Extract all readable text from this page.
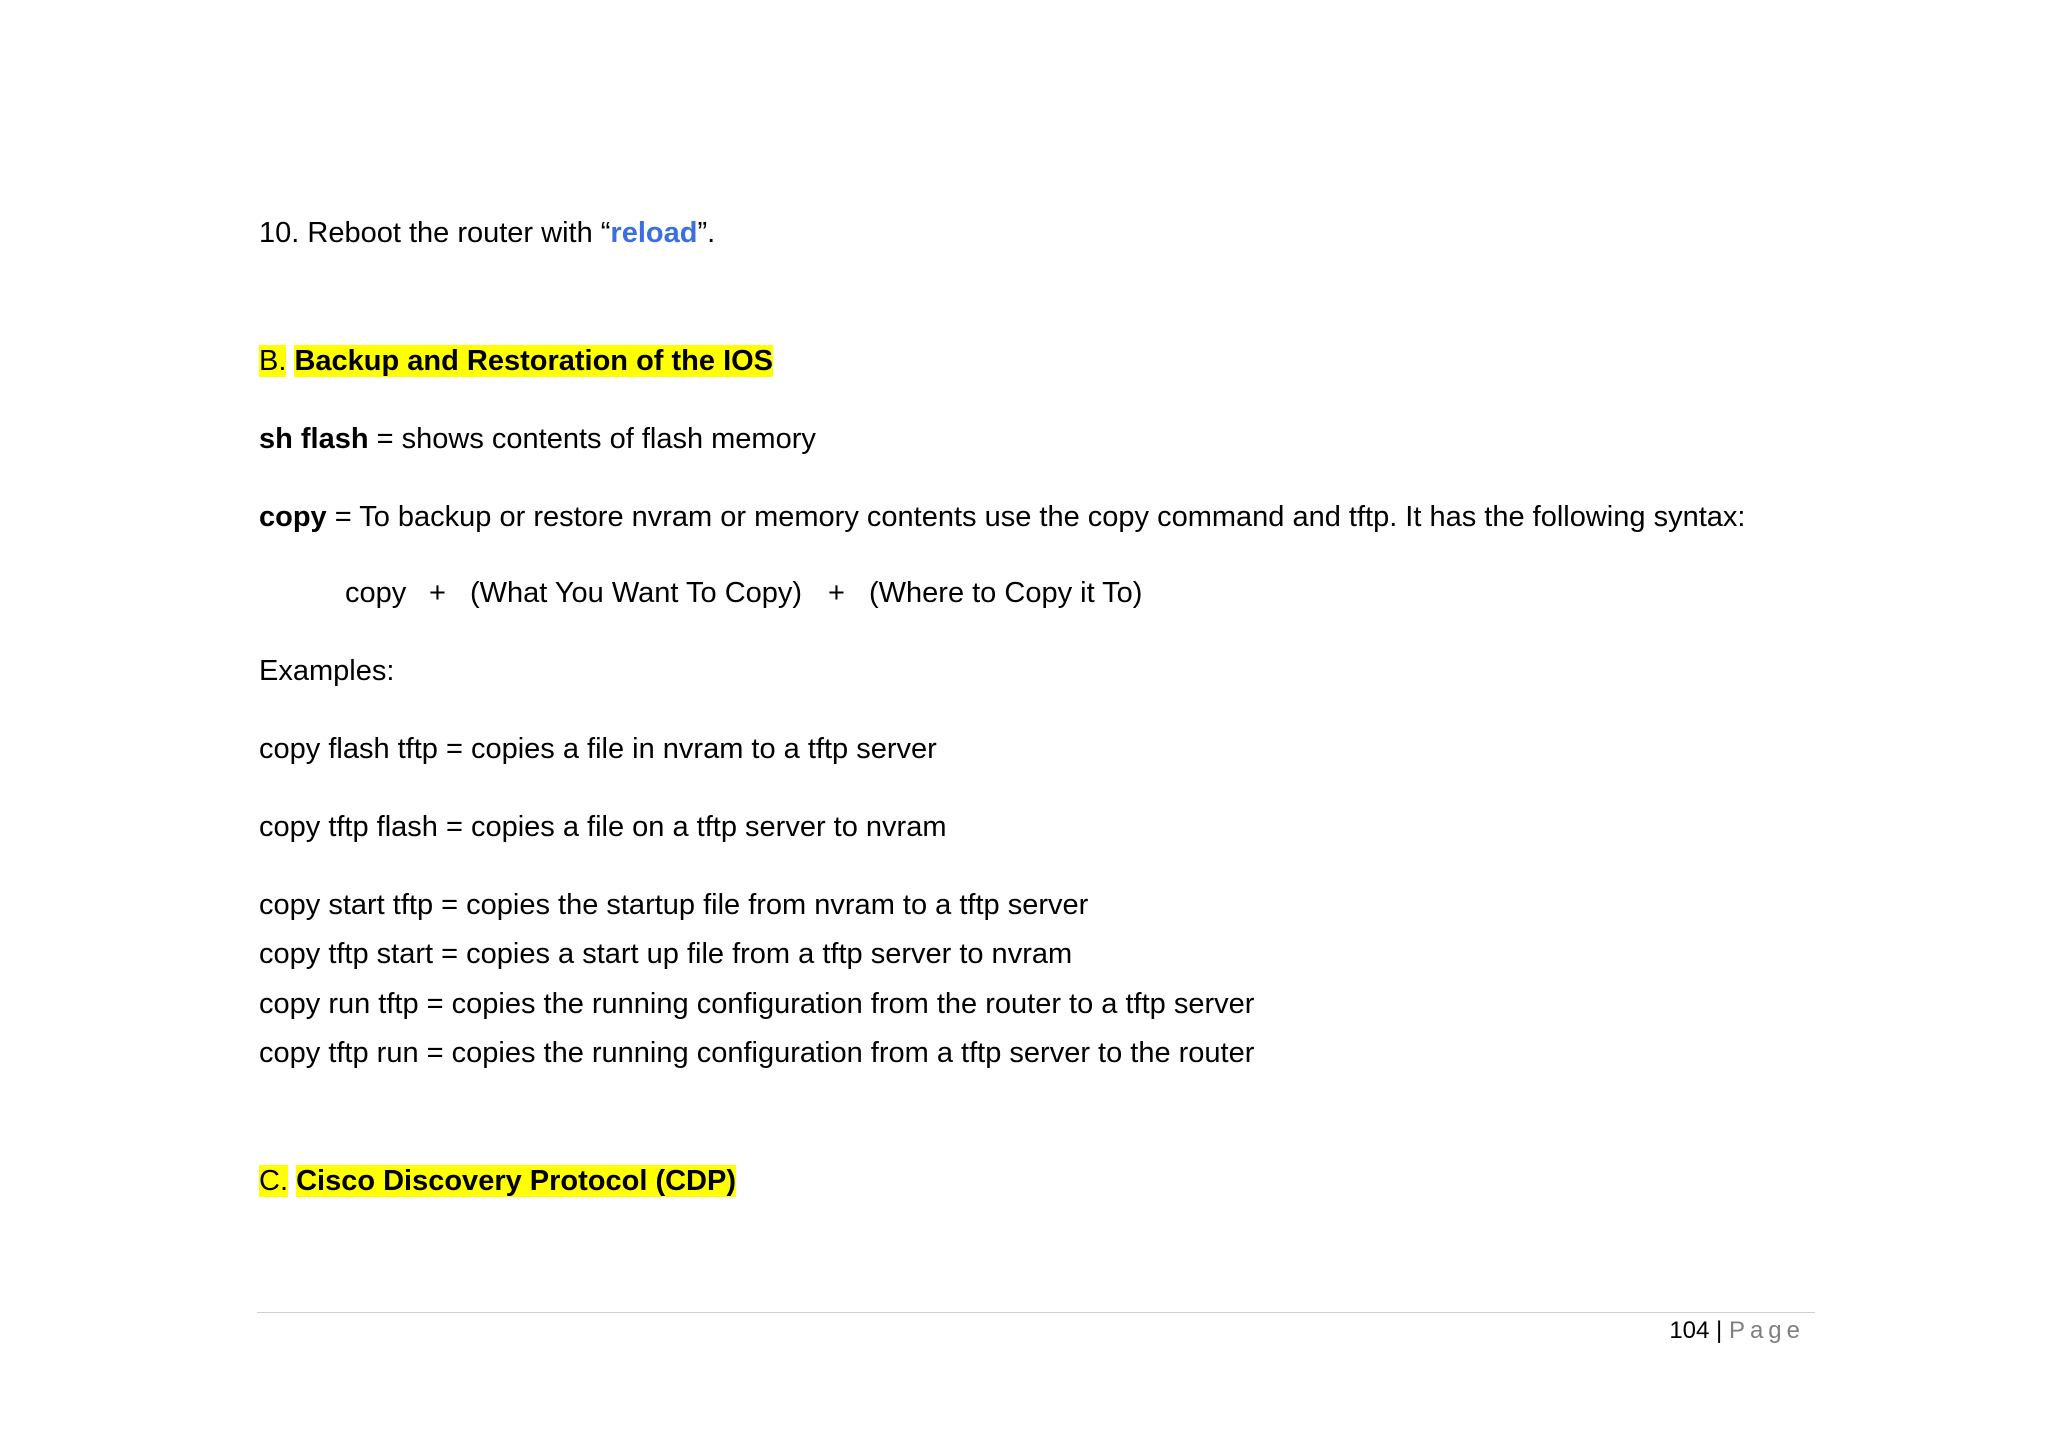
10. Reboot the router with “reload”.
B. Backup and Restoration of the IOS
sh flash = shows contents of flash memory
copy = To backup or restore nvram or memory contents use the copy command and tftp. It has the following syntax:
copy + (What You Want To Copy) + (Where to Copy it To)
Examples:
copy flash tftp = copies a file in nvram to a tftp server
copy tftp flash = copies a file on a tftp server to nvram
copy start tftp = copies the startup file from nvram to a tftp server
copy tftp start = copies a start up file from a tftp server to nvram
copy run tftp = copies the running configuration from the router to a tftp server
copy tftp run = copies the running configuration from a tftp server to the router
C. Cisco Discovery Protocol (CDP)
104 | Page
